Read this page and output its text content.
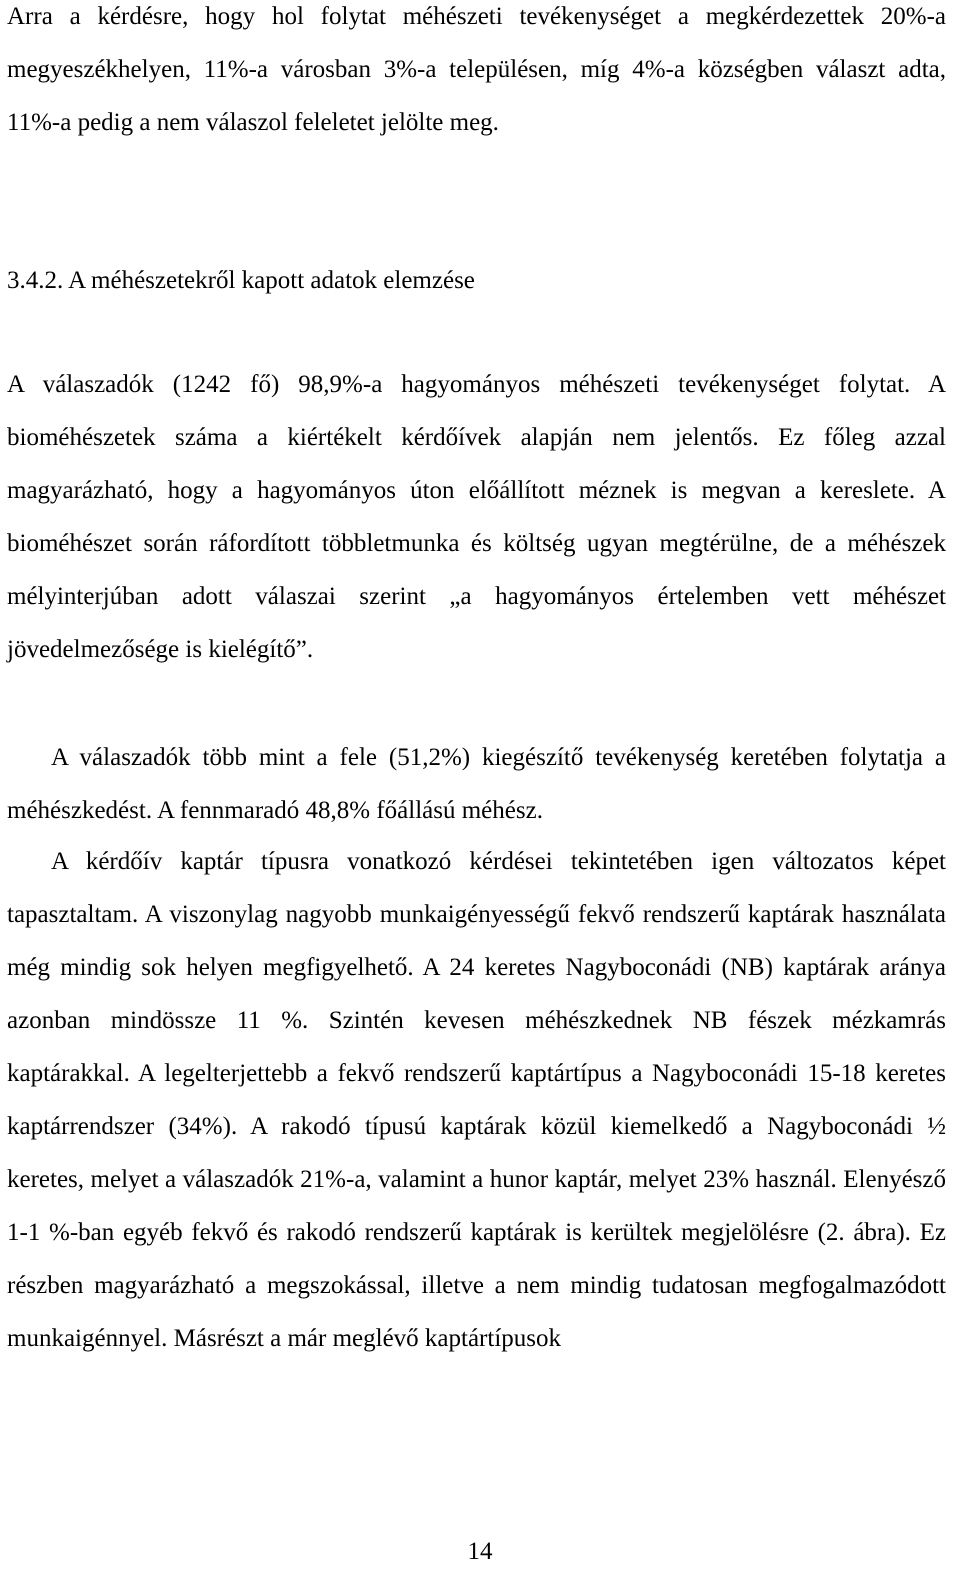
Arra a kérdésre, hogy hol folytat méhészeti tevékenységet a megkérdezettek 20%-a megyeszékhelyen, 11%-a városban 3%-a településen, míg 4%-a községben választ adta, 11%-a pedig a nem válaszol feleletet jelölte meg.

3.4.2. A méhészetekről kapott adatok elemzése

A válaszadók (1242 fő) 98,9%-a hagyományos méhészeti tevékenységet folytat. A bioméhészetek száma a kiértékelt kérdőívek alapján nem jelentős. Ez főleg azzal magyarázható, hogy a hagyományos úton előállított méznek is megvan a kereslete. A bioméhészet során ráfordított többletmunka és költség ugyan megtérülne, de a méhészek mélyinterjúban adott válaszai szerint „a hagyományos értelemben vett méhészet jövedelmezősége is kielégítő”.

A válaszadók több mint a fele (51,2%) kiegészítő tevékenység keretében folytatja a méhészkedést. A fennmaradó 48,8% főállású méhész.

A kérdőív kaptár típusra vonatkozó kérdései tekintetében igen változatos képet tapasztaltam. A viszonylag nagyobb munkaigényességű fekvő rendszerű kaptárak használata még mindig sok helyen megfigyelhető. A 24 keretes Nagyboconádi (NB) kaptárak aránya azonban mindössze 11 %. Szintén kevesen méhészkednek NB fészek mézkamrás kaptárakkal. A legelterjettebb a fekvő rendszerű kaptártípus a Nagyboconádi 15-18 keretes kaptárrendszer (34%). A rakodó típusú kaptárak közül kiemelkedő a Nagyboconádi ½ keretes, melyet a válaszadók 21%-a, valamint a hunor kaptár, melyet 23% használ. Elenyésző 1-1 %-ban egyéb fekvő és rakodó rendszerű kaptárak is kerültek megjelölésre (2. ábra). Ez részben magyarázható a megszokással, illetve a nem mindig tudatosan megfogalmazódott munkaigénnyel. Másrészt a már meglévő kaptártípusok

14
